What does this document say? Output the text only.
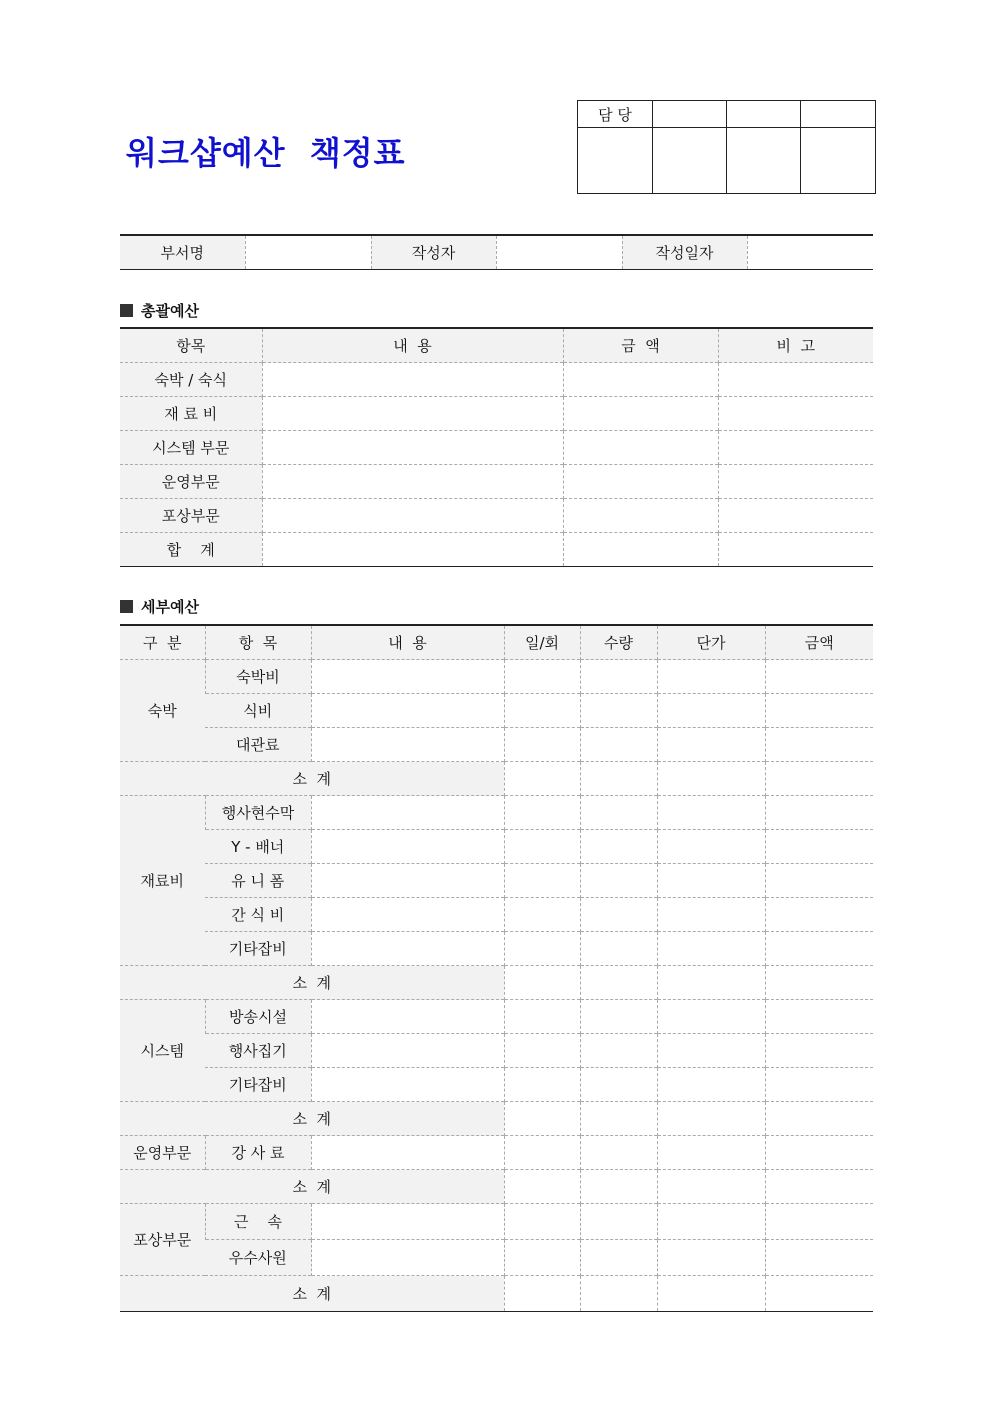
워크샵예산  책정표
담 당			

부서명		작성자		작성일자	
총괄예산
항목	내  용	금  액	비  고
숙박 / 숙식			
재 료 비			
시스템 부문			
운영부문			
포상부문			
합    계			
세부예산
구  분	항  목	내  용	일/회	수량	단가	금액
숙박	숙박비					
	식비					
	대관료					
소  계						
재료비	행사현수막					
	Y - 배너					
	유 니 폼					
	간 식 비					
	기타잡비					
소  계						
시스템	방송시설					
	행사집기					
	기타잡비					
소  계						
운영부문	강 사 료					
소  계						
포상부문	근    속					
	우수사원					
소  계						
